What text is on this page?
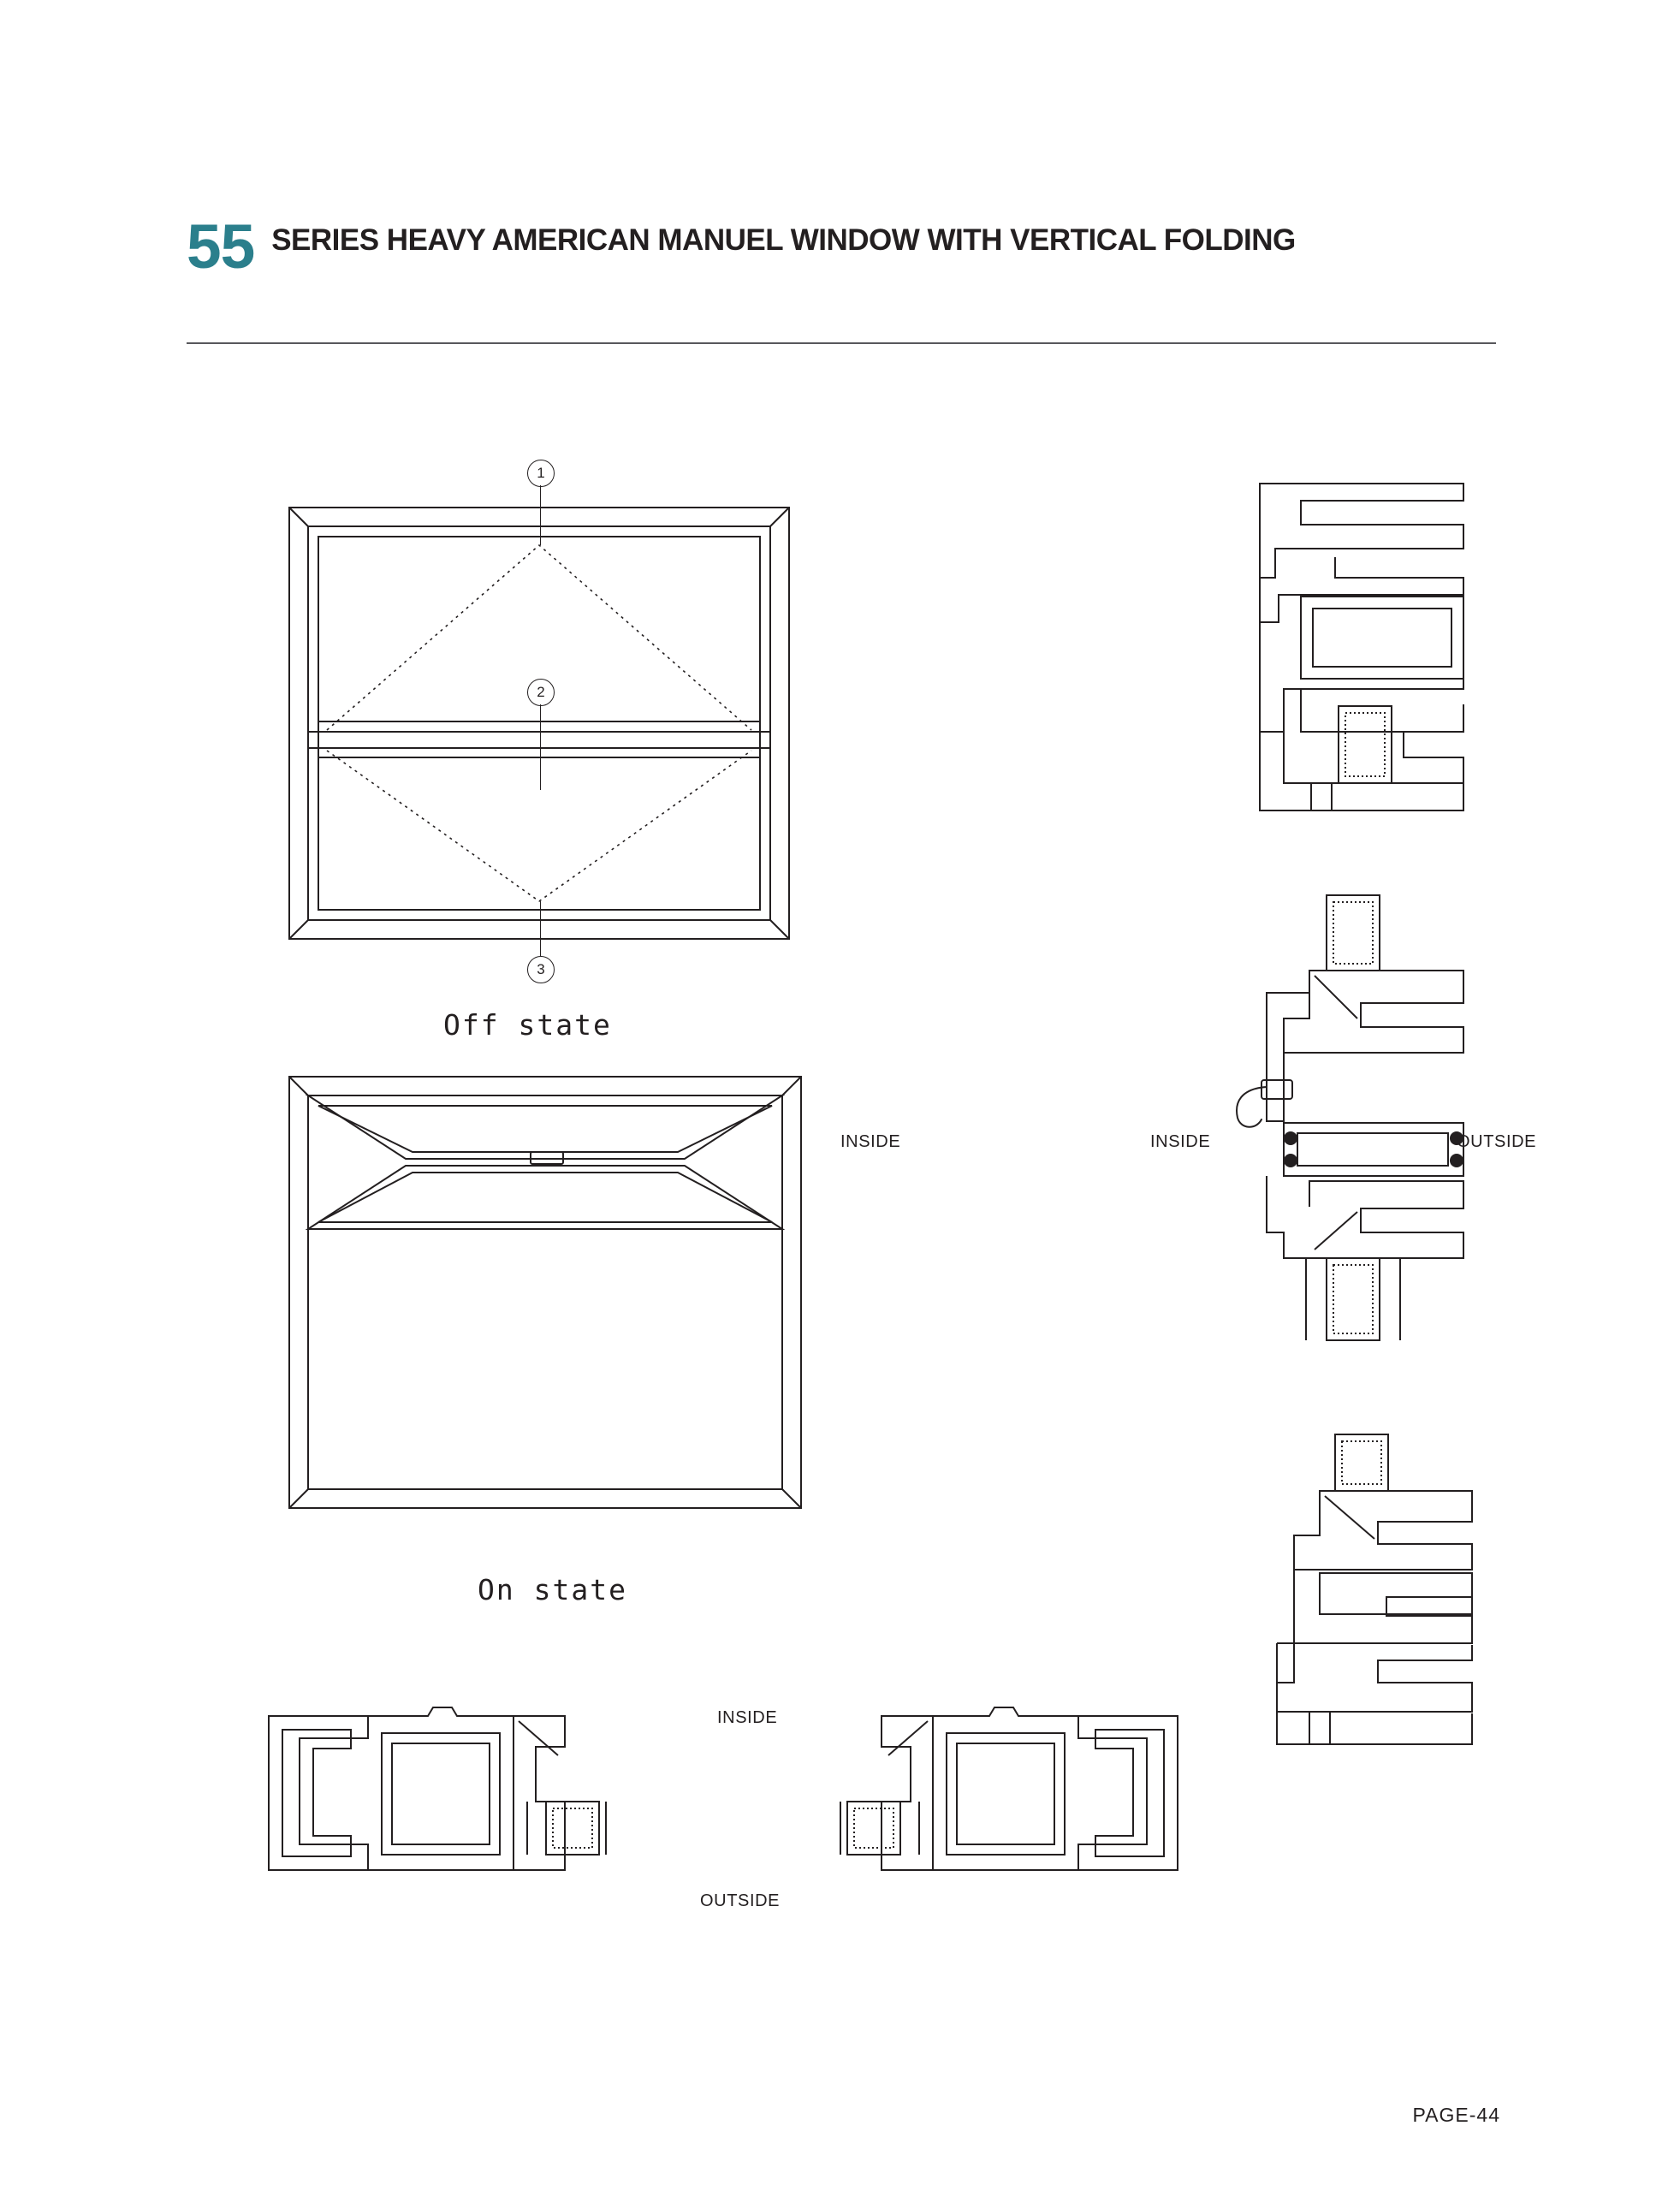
55 SERIES HEAVY AMERICAN MANUEL WINDOW WITH VERTICAL FOLDING
1
2
3
Off state
On state
INSIDE	INSIDE	OUTSIDE
INSIDE
OUTSIDE
PAGE-44
